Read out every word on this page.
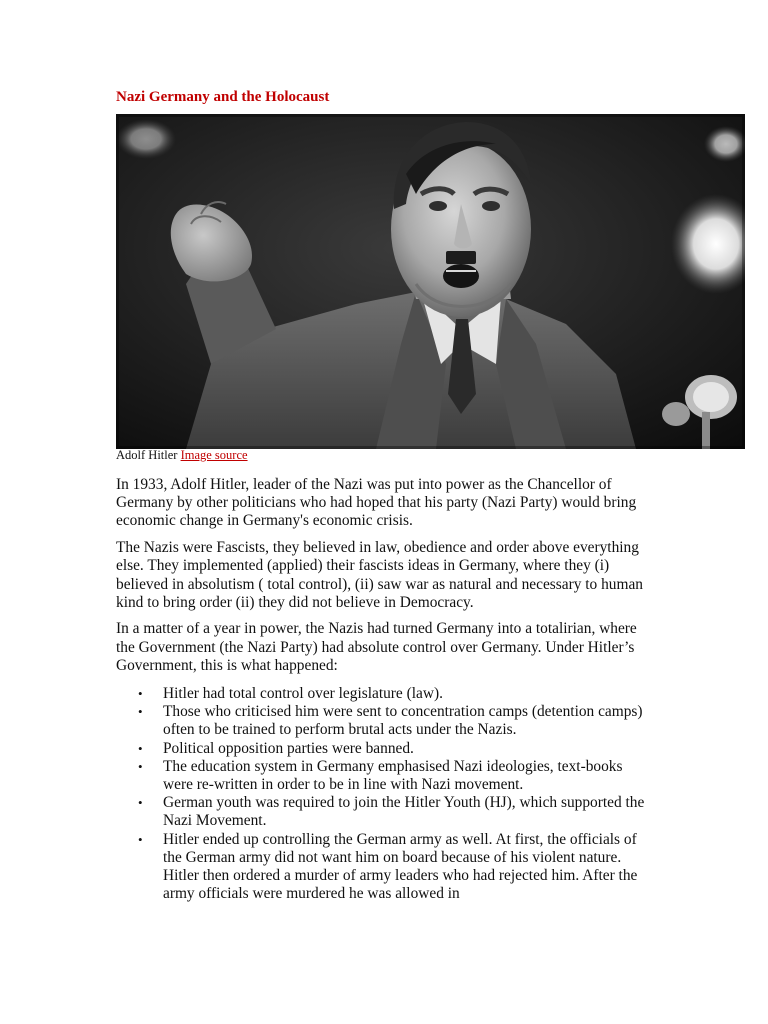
Nazi Germany and the Holocaust
Adolf Hitler Image source

In 1933, Adolf Hitler, leader of the Nazi was put into power as the Chancellor of Germany by other politicians who had hoped that his party (Nazi Party) would bring economic change in Germany's economic crisis.

The Nazis were Fascists, they believed in law, obedience and order above everything else. They implemented (applied) their fascists ideas in Germany, where they (i) believed in absolutism ( total control), (ii) saw war as natural and necessary to human kind to bring order (ii) they did not believe in Democracy.

In a matter of a year in power, the Nazis had turned Germany into a totalirian, where the Government (the Nazi Party) had absolute control over Germany. Under Hitler’s Government, this is what happened:

• Hitler had total control over legislature (law).
• Those who criticised him were sent to concentration camps (detention camps) often to be trained to perform brutal acts under the Nazis.
• Political opposition parties were banned.
• The education system in Germany emphasised Nazi ideologies, text-books were re-written in order to be in line with Nazi movement.
• German youth was required to join the Hitler Youth (HJ), which supported the Nazi Movement.
• Hitler ended up controlling the German army as well. At first, the officials of the German army did not want him on board because of his violent nature. Hitler then ordered a murder of army leaders who had rejected him. After the army officials were murdered he was allowed in
